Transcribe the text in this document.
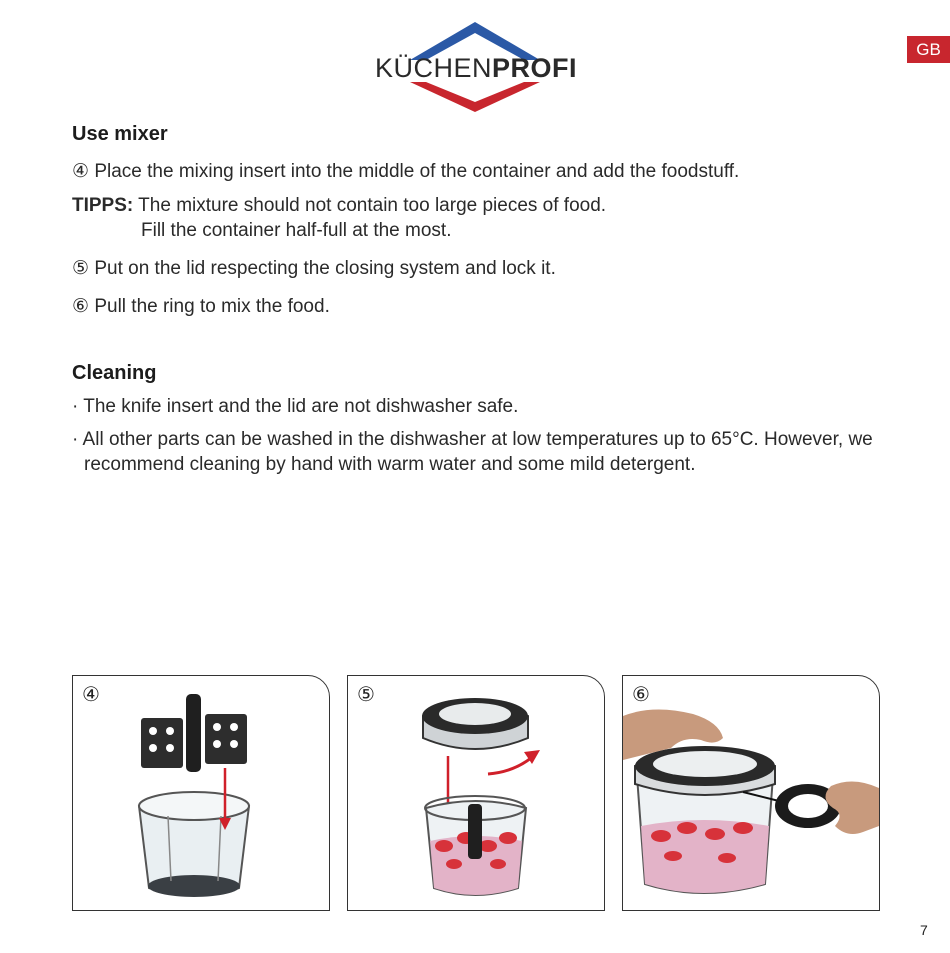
KÜCHENPROFI
GB
Use mixer
④ Place the mixing insert into the middle of the container and add the foodstuff.
TIPPS: The mixture should not contain too large pieces of food.
Fill the container half-full at the most.
⑤ Put on the lid respecting the closing system and lock it.
⑥ Pull the ring to mix the food.
Cleaning
· The knife insert and the lid are not dishwasher safe.
· All other parts can be washed in the dishwasher at low temperatures up to 65°C. However, we
recommend cleaning by hand with warm water and some mild detergent.
④	⑤	⑥
7
